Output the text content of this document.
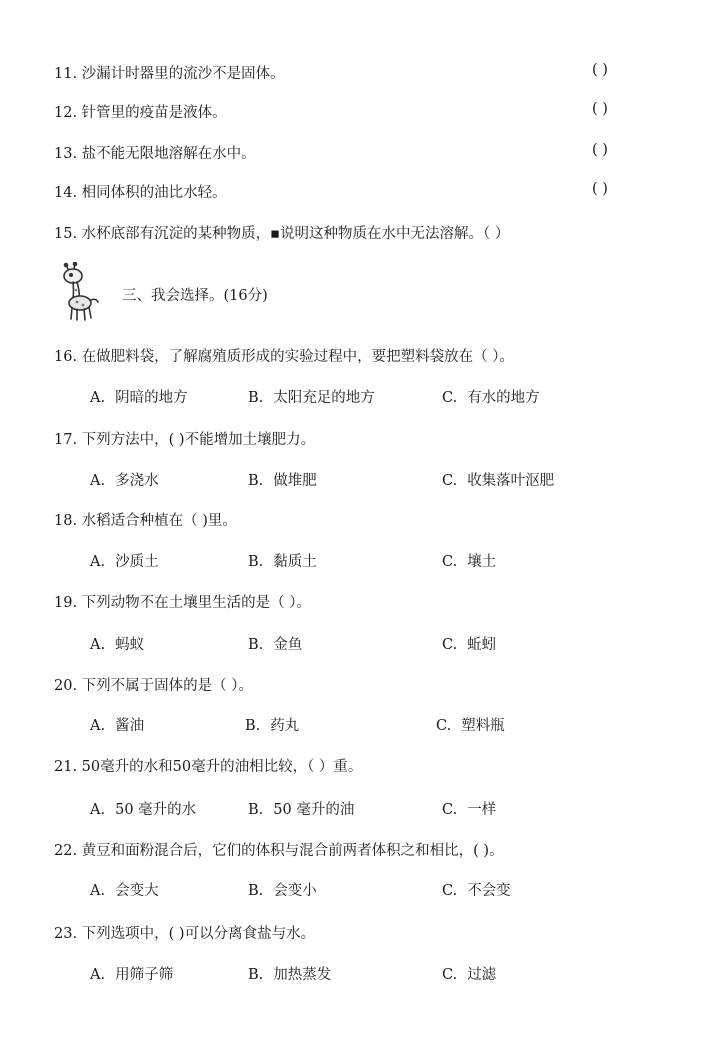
11. 沙漏计时器里的流沙不是固体。	( )
12. 针管里的疫苗是液体。	( )
13. 盐不能无限地溶解在水中。	( )
14. 相同体积的油比水轻。	( )
15. 水杯底部有沉淀的某种物质，▪说明这种物质在水中无法溶解。（ ）
三、我会选择。(16分)
16. 在做肥料袋，了解腐殖质形成的实验过程中，要把塑料袋放在（ ）。
A. 阴暗的地方	B. 太阳充足的地方	C. 有水的地方
17. 下列方法中，( )不能增加土壤肥力。
A. 多浇水	B. 做堆肥	C. 收集落叶沤肥
18. 水稻适合种植在（ )里。
A. 沙质土	B. 黏质土	C. 壤土
19. 下列动物不在土壤里生活的是（ ）。
A. 蚂蚁	B. 金鱼	C. 蚯蚓
20. 下列不属于固体的是（ ）。
A. 酱油	B. 药丸	C. 塑料瓶
21. 50毫升的水和50毫升的油相比较，（ ）重。
A. 50 毫升的水	B. 50 毫升的油	C. 一样
22. 黄豆和面粉混合后，它们的体积与混合前两者体积之和相比，( )。
A. 会变大	B. 会变小	C. 不会变
23. 下列选项中，( )可以分离食盐与水。
A. 用筛子筛	B. 加热蒸发	C. 过滤
